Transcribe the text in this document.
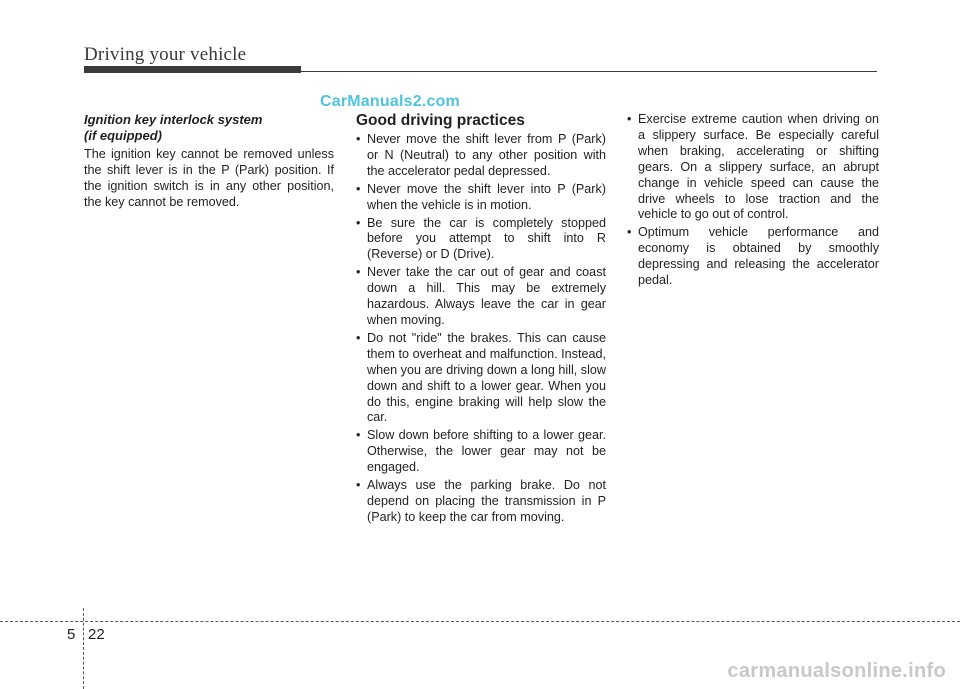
Driving your vehicle
CarManuals2.com
Ignition key interlock system
(if equipped)

The ignition key cannot be removed unless the shift lever is in the P (Park) position. If the ignition switch is in any other position, the key cannot be removed.

Good driving practices
• Never move the shift lever from P (Park) or N (Neutral) to any other position with the accelerator pedal depressed.
• Never move the shift lever into P (Park) when the vehicle is in motion.
• Be sure the car is completely stopped before you attempt to shift into R (Reverse) or D (Drive).
• Never take the car out of gear and coast down a hill. This may be extremely hazardous. Always leave the car in gear when moving.
• Do not "ride" the brakes. This can cause them to overheat and malfunction. Instead, when you are driving down a long hill, slow down and shift to a lower gear. When you do this, engine braking will help slow the car.
• Slow down before shifting to a lower gear. Otherwise, the lower gear may not be engaged.
• Always use the parking brake. Do not depend on placing the transmission in P (Park) to keep the car from moving.
• Exercise extreme caution when driving on a slippery surface. Be especially careful when braking, accelerating or shifting gears. On a slippery surface, an abrupt change in vehicle speed can cause the drive wheels to lose traction and the vehicle to go out of control.
• Optimum vehicle performance and economy is obtained by smoothly depressing and releasing the accelerator pedal.
5 22
carmanualsonline.info
